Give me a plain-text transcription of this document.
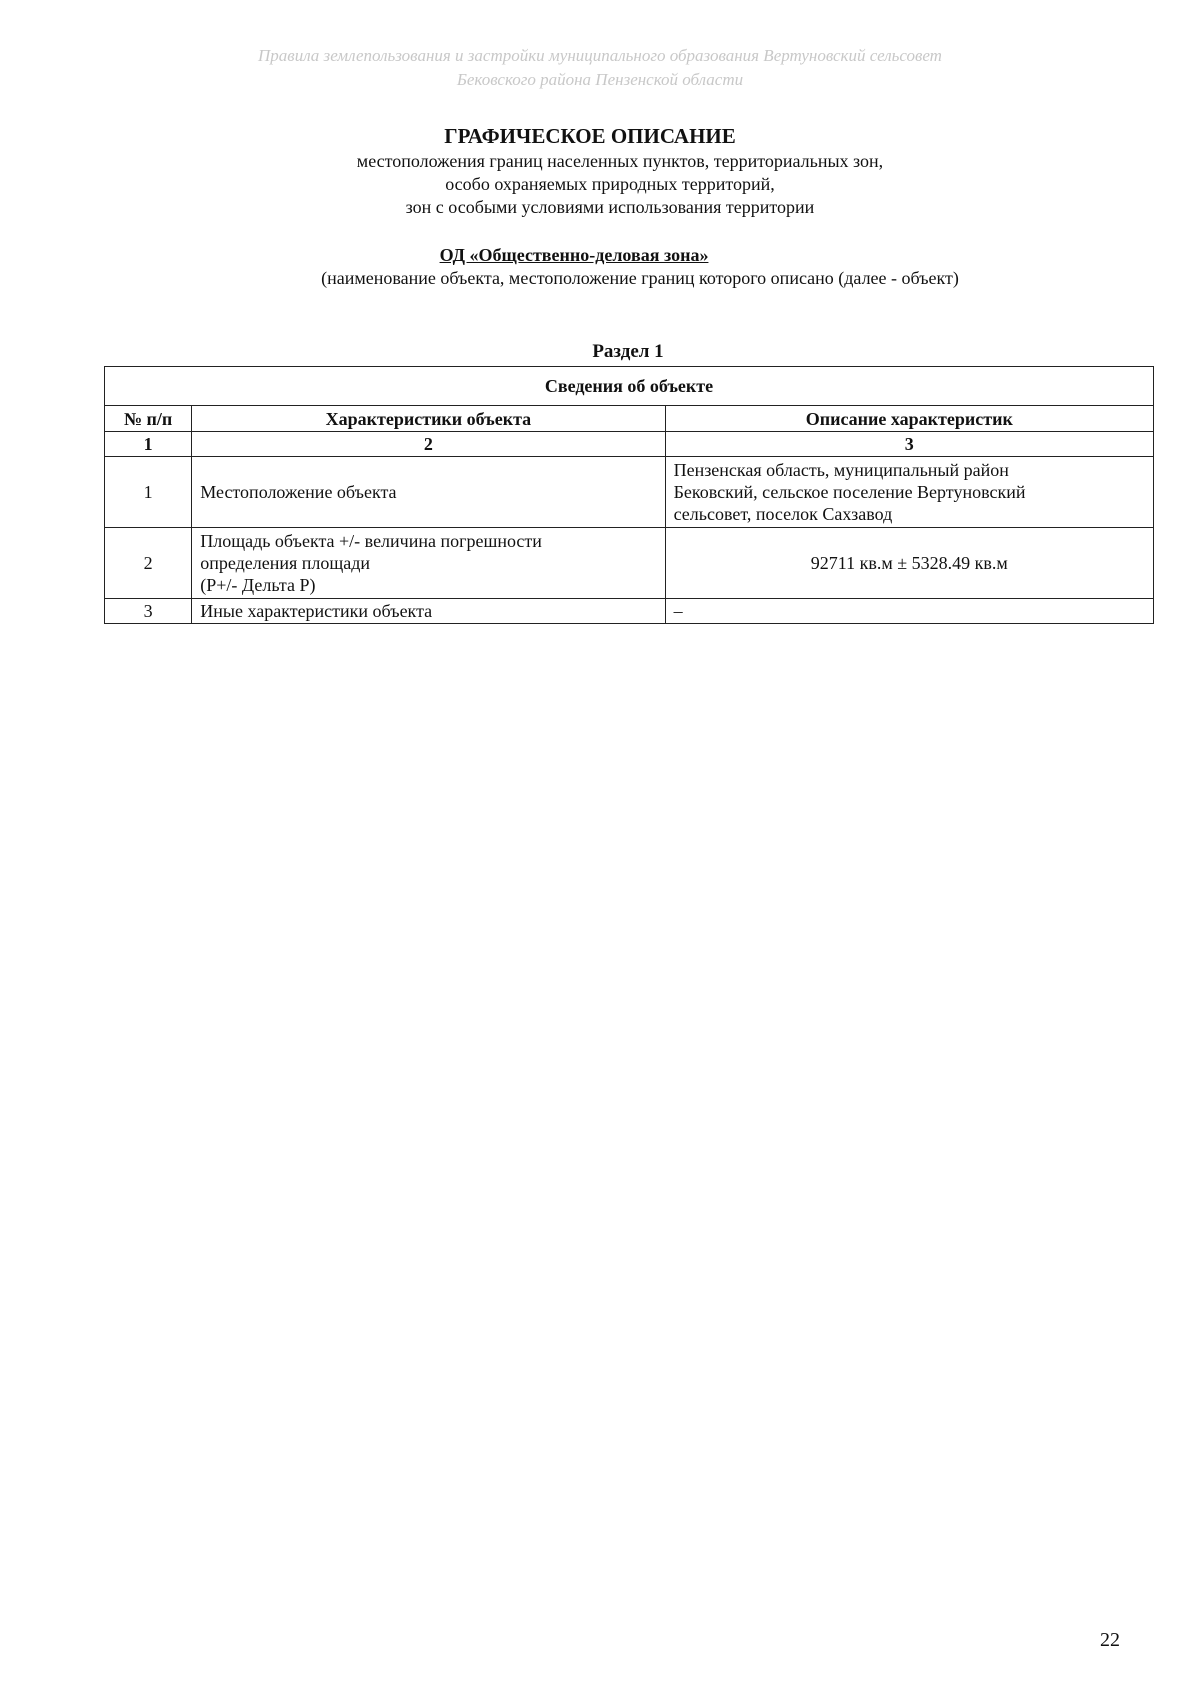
Правила землепользования и застройки муниципального образования Вертуновский сельсовет
Бековского района Пензенской области
ГРАФИЧЕСКОЕ ОПИСАНИЕ
местоположения границ населенных пунктов, территориальных зон,
особо охраняемых природных территорий,
зон с особыми условиями использования территории
ОД «Общественно-деловая зона»
(наименование объекта, местоположение границ которого описано (далее - объект)
Раздел 1
Сведения об объекте		
№ п/п	Характеристики объекта	Описание характеристик
1	2	3
1	Местоположение объекта	Пензенская область, муниципальный район
Бековский, сельское поселение Вертуновский
сельсовет, поселок Сахзавод

2	Площадь объекта +/- величина погрешности
определения площади
(P+/- Дельта P)	92711 кв.м ± 5328.49 кв.м

3	Иные характеристики объекта	–
22
